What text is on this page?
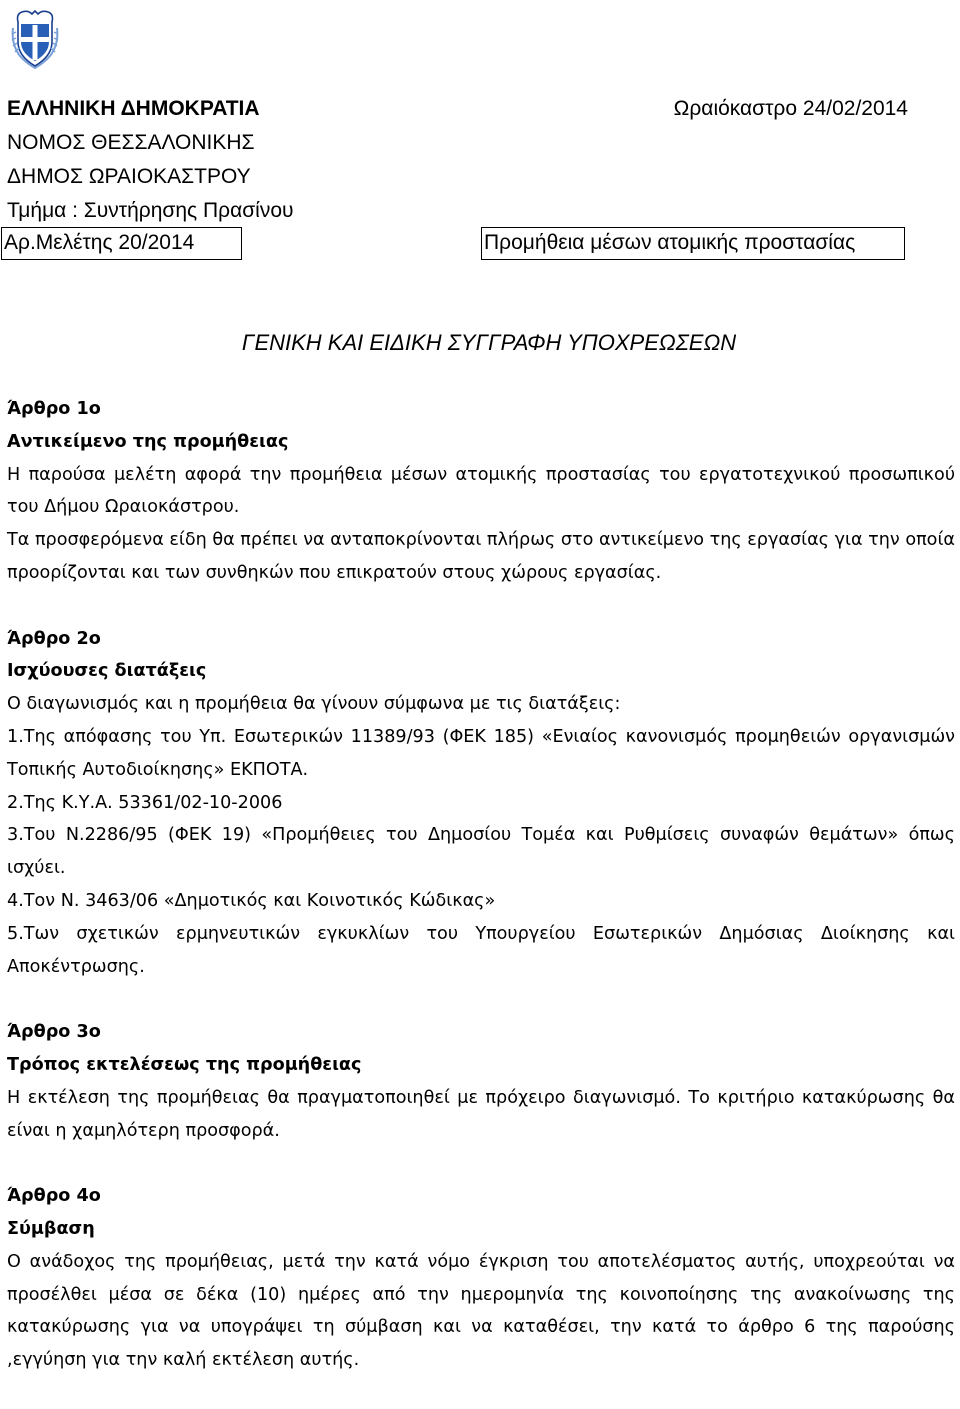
ΕΛΛΗΝΙΚΗ ΔΗΜΟΚΡΑΤΙΑ
ΝΟΜΟΣ ΘΕΣΣΑΛΟΝΙΚΗΣ
ΔΗΜΟΣ ΩΡΑΙΟΚΑΣΤΡΟΥ
Τμήμα : Συντήρησης Πρασίνου
Ωραιόκαστρο 24/02/2014
Αρ.Μελέτης 20/2014	Προμήθεια μέσων ατομικής προστασίας
ΓΕΝΙΚΗ ΚΑΙ ΕΙΔΙΚΗ ΣΥΓΓΡΑΦΗ ΥΠΟΧΡΕΩΣΕΩΝ

Άρθρο 1ο

Αντικείμενο της προμήθειας

Η παρούσα μελέτη αφορά την προμήθεια μέσων ατομικής προστασίας του εργατοτεχνικού προσωπικού του Δήμου Ωραιοκάστρου.

Τα προσφερόμενα είδη θα πρέπει να ανταποκρίνονται πλήρως στο αντικείμενο της εργασίας για την οποία προορίζονται και των συνθηκών που επικρατούν στους χώρους εργασίας.

Άρθρο 2ο

Ισχύουσες διατάξεις

Ο διαγωνισμός και η προμήθεια θα γίνουν σύμφωνα με τις διατάξεις:

1.Της απόφασης του Υπ. Εσωτερικών 11389/93 (ΦΕΚ 185) «Ενιαίος κανονισμός προμηθειών οργανισμών Τοπικής Αυτοδιοίκησης» ΕΚΠΟΤΑ.

2.Της Κ.Υ.Α. 53361/02-10-2006

3.Του Ν.2286/95 (ΦΕΚ 19) «Προμήθειες του Δημοσίου Τομέα και Ρυθμίσεις συναφών θεμάτων» όπως ισχύει.

4.Τον Ν. 3463/06 «Δημοτικός και Κοινοτικός Κώδικας»

5.Των σχετικών ερμηνευτικών εγκυκλίων του Υπουργείου Εσωτερικών Δημόσιας Διοίκησης και Αποκέντρωσης.

Άρθρο 3ο

Τρόπος εκτελέσεως της προμήθειας

Η εκτέλεση της προμήθειας θα πραγματοποιηθεί με πρόχειρο διαγωνισμό. Το κριτήριο κατακύρωσης θα είναι η χαμηλότερη προσφορά.

Άρθρο 4ο

Σύμβαση

Ο ανάδοχος της προμήθειας, μετά την κατά νόμο έγκριση του αποτελέσματος αυτής, υποχρεούται να προσέλθει μέσα σε δέκα (10) ημέρες από την ημερομηνία της κοινοποίησης της ανακοίνωσης της κατακύρωσης για να υπογράψει τη σύμβαση και να καταθέσει, την κατά το άρθρο 6 της παρούσης ,εγγύηση για την καλή εκτέλεση αυτής.
